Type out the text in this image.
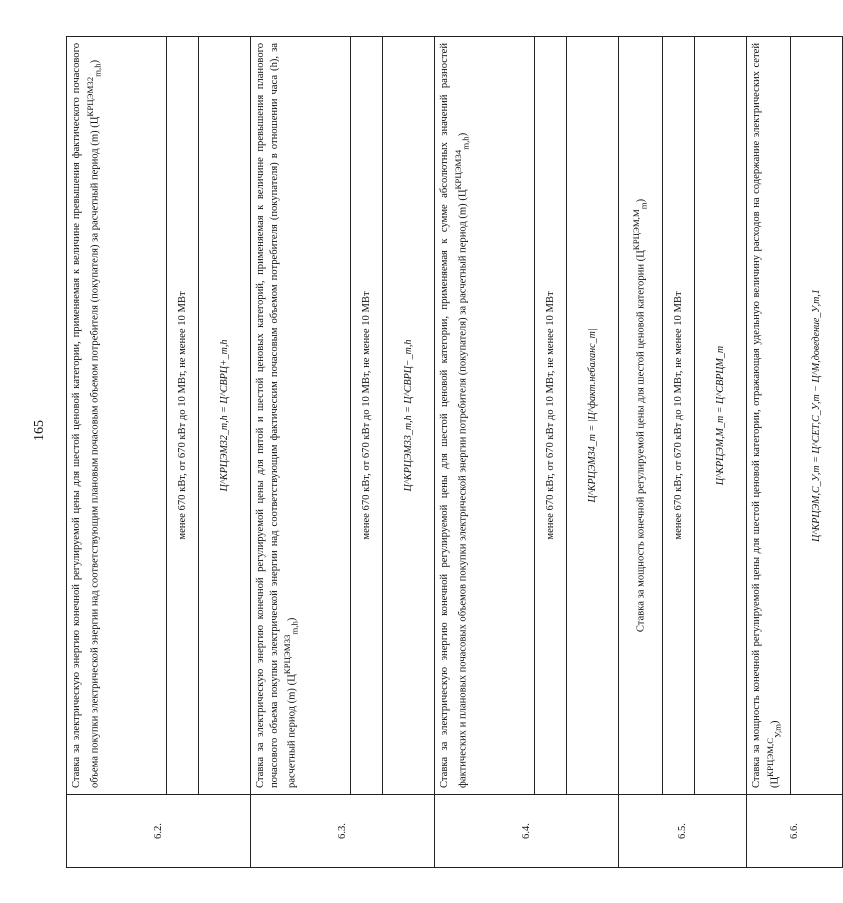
165
6.2.	Ставка за электрическую энергию конечной регулируемой цены для шестой ценовой категории, применяемая к величине превышения фактического почасового объема покупки электрической энергии над соответствующим плановым почасовым объемом потребителя (покупателя) за расчетный период (m) $(Ц^{КРЦЭМ32}_{m,h})$
	менее 670 кВт, от 670 кВт до 10 МВт, не менее 10 МВт
	Ц^КРЦЭМ32_m,h = Ц^СВРЦ+_m,h
6.3.	Ставка за электрическую энергию конечной регулируемой цены для пятой и шестой ценовых категорий, применяемая к величине превышения планового почасового объема покупки электрической энергии над соответствующим фактическим почасовым объемом потребителя (покупателя) в отношении часа (h), за расчетный период (m) $(Ц^{КРЦЭМ33}_{m,h})$
	менее 670 кВт, от 670 кВт до 10 МВт, не менее 10 МВт
	Ц^КРЦЭМ33_m,h = Ц^СВРЦ−_m,h
6.4.	Ставка за электрическую энергию конечной регулируемой цены для шестой ценовой категории, применяемая к сумме абсолютных значений разностей фактических и плановых почасовых объемов покупки электрической энергии потребителя (покупателя) за расчетный период (m) $(Ц^{КРЦЭМ34}_{m,h})$
	менее 670 кВт, от 670 кВт до 10 МВт, не менее 10 МВт
	Ц^КРЦЭМ34_m = |Ц^факт.небаланс_m|
6.5.	Ставка за мощность конечной регулируемой цены для шестой ценовой категории $(Ц^{КРЦЭМ,М}_m)$
	менее 670 кВт, от 670 кВт до 10 МВт, не менее 10 МВт
	Ц^КРЦЭМ,М_m = Ц^СВРЦМ_m
6.6.	Ставка за мощность конечной регулируемой цены для шестой ценовой категории, отражающая удельную величину расходов на содержание электрических сетей $(Ц^{КРЦЭМ,С}_{У,m})$
	Ц^КРЦЭМ,С_У,m = Ц^СЕТ,С_У,m − Ц^М,доведение_У,m,1
